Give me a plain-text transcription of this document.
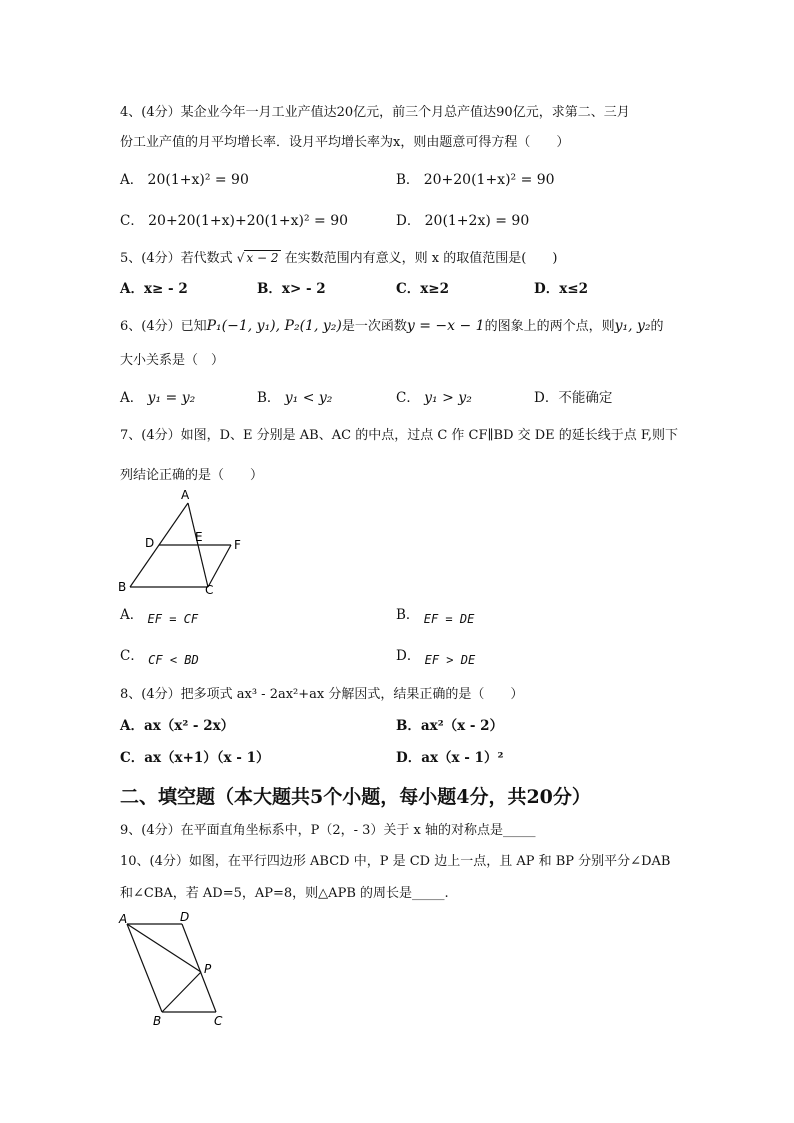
4、(4分）某企业今年一月工业产值达20亿元，前三个月总产值达90亿元，求第二、三月
份工业产值的月平均增长率．设月平均增长率为x，则由题意可得方程（　　）
A． 20(1+x)² = 90	B． 20+20(1+x)² = 90
C． 20+20(1+x)+20(1+x)² = 90	D． 20(1+2x) = 90
5、(4分）若代数式 √ x − 2 在实数范围内有意义，则 x 的取值范围是(　　)
A．x≥ - 2	B．x> - 2	C．x≥2	D．x≤2
6、(4分）已知P₁(−1, y₁), P₂(1, y₂)是一次函数y = −x − 1的图象上的两个点，则y₁, y₂的
大小关系是（　）
A． y₁ = y₂	B． y₁ < y₂	C． y₁ > y₂	D．不能确定
7、(4分）如图，D、E 分别是 AB、AC 的中点，过点 C 作 CF∥BD 交 DE 的延长线于点 F,则下
列结论正确的是（　　）
A
B	C
D	E
F
A． EF = CF	B． EF = DE
C． CF < BD	D． EF > DE
8、(4分）把多项式 ax³ - 2ax²+ax 分解因式，结果正确的是（　　）
A．ax（x² - 2x）	B．ax²（x - 2）
C．ax（x+1）（x - 1）	D．ax（x - 1）²
二、填空题（本大题共5个小题，每小题4分，共20分）
9、(4分）在平面直角坐标系中，P（2，- 3）关于 x 轴的对称点是_____
10、(4分）如图，在平行四边形 ABCD 中，P 是 CD 边上一点，且 AP 和 BP 分别平分∠DAB
和∠CBA，若 AD=5，AP=8，则△APB 的周长是_____.
A	D
P
B	C
